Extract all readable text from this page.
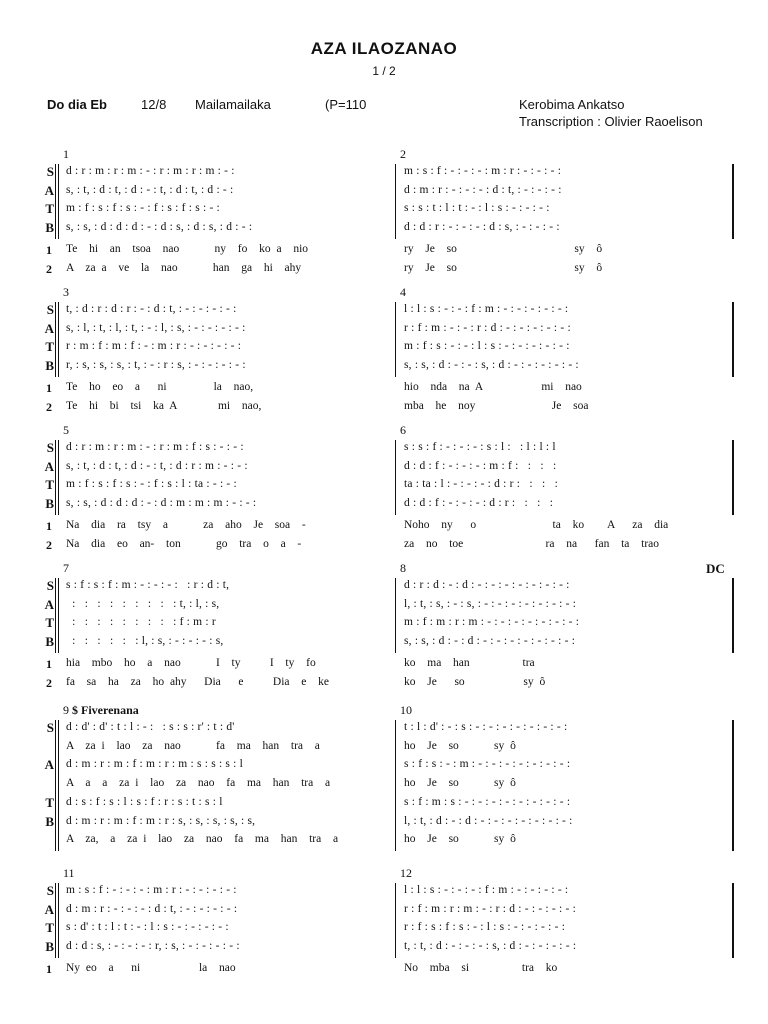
AZA ILAOZANAO
1 / 2
Do dia Eb	12/8 Mailamailaka	(P=110	Kerobima Ankatso
Transcription : Olivier Raoelison
1	2
S d : r : m : r : m : - : r : m : r : m : - :	m : s : f : - : - : - : m : r : - : - : - :
A s, : t, : d : t, : d : - : t, : d : t, : d : - :	d : m : r : - : - : - : d : t, : - : - : - :
T m : f : s : f : s : - : f : s : f : s : - :	s : s : t : l : t : - : l : s : - : - : - :
B s, : s, : d : d : d : - : d : s, : d : s, : d : - :	d : d : r : - : - : - : d : s, : - : - : - :
1 Te  hi  an  tsoa  nao      ny  fo  ko a  nio	ry  Je  so                    sy  ô
2 A  za a  ve  la  nao      han  ga  hi  ahy	ry  Je  so                    sy  ô
3	4
S t, : d : r : d : r : - : d : t, : - : - : - : - :	l : l : s : - : - : f : m : - : - : - : - : - :
A s, : l, : t, : l, : t, : - : l, : s, : - : - : - : - :	r : f : m : - : - : r : d : - : - : - : - : - :
T r : m : f : m : f : - : m : r : - : - : - : - :	m : f : s : - : - : l : s : - : - : - : - : - :
B r, : s, : s, : s, : t, : - : r : s, : - : - : - : - :	s, : s, : d : - : - : s, : d : - : - : - : - : - :
1 Te  ho  eo  a   ni        la  nao,	hio  nda  na A          mi  nao
2 Te  hi  bi  tsi  ka A       mi  nao,	mba  he  noy             Je  soa
5	6
S d : r : m : r : m : - : r : m : f : s : - : - :	s : s : f : - : - : - : s : l :   : l : l : l
A s, : t, : d : t, : d : - : t, : d : r : m : - : - :	d : d : f : - : - : - : m : f :   :   :   :
T m : f : s : f : s : - : f : s : l : ta : - : - :	ta : ta : l : - : - : - : d : r :   :   :   :
B s, : s, : d : d : d : - : d : m : m : m : - : - :	d : d : f : - : - : - : d : r :   :   :   :
1 Na  dia  ra  tsy  a      za  aho  Je  soa  -	Noho  ny   o             ta  ko    A   za  dia
2 Na  dia  eo  an-  ton      go  tra  o  a  -	za  no  toe              ra  na   fan  ta  trao
7	8	DC
S s : f : s : f : m : - : - : - :   : r : d : t,	d : r : d : - : d : - : - : - : - : - : - : - :
A :   :   :   :   :   :   :   :   : t, : l, : s,	l, : t, : s, : - : s, : - : - : - : - : - : - : - :
T :   :   :   :   :   :   :   :   : f : m : r	m : f : m : r : m : - : - : - : - : - : - : - :
B :   :   :   :   :   : l, : s, : - : - : - : s,	s, : s, : d : - : d : - : - : - : - : - : - : - :
1 hia  mbo  ho  a  nao      I  ty     I  ty  fo	ko  ma  han         tra
2 fa  sa  ha  za  ho ahy   Dia   e     Dia  e  ke	ko  Je   so          sy ô
9	10
$ Fiverenana
S d : d' : d' : t : l : - :   : s : s : r' : t : d'	t : l : d' : - : s : - : - : - : - : - : - : - :
A  za i  lao  za  nao      fa  ma  han  tra  a	ho  Je  so      sy ô
A d : m : r : m : f : m : r : m : s : s : s : l	s : f : s : - : m : - : - : - : - : - : - : - :
A  a  a  za i  lao  za  nao  fa  ma  han  tra  a	ho  Je  so      sy ô
T d : s : f : s : l : s : f : r : s : t : s : l	s : f : m : s : - : - : - : - : - : - : - : - :
B d : m : r : m : f : m : r : s, : s, : s, : s, : s,	l, : t, : d : - : d : - : - : - : - : - : - : - :
A  za,  a  za i  lao  za  nao  fa  ma  han  tra  a	ho  Je  so      sy ô
11	12
S m : s : f : - : - : - : m : r : - : - : - : - :	l : l : s : - : - : - : f : m : - : - : - : - :
A d : m : r : - : - : - : d : t, : - : - : - : - :	r : f : m : r : m : - : r : d : - : - : - : - :
T s : d' : t : l : t : - : l : s : - : - : - : - :	r : f : s : f : s : - : l : s : - : - : - : - :
B d : d : s, : - : - : - : r, : s, : - : - : - : - :	t, : t, : d : - : - : - : s, : d : - : - : - : - :
1 Ny eo  a   ni          la  nao	No  mba  si         tra  ko
